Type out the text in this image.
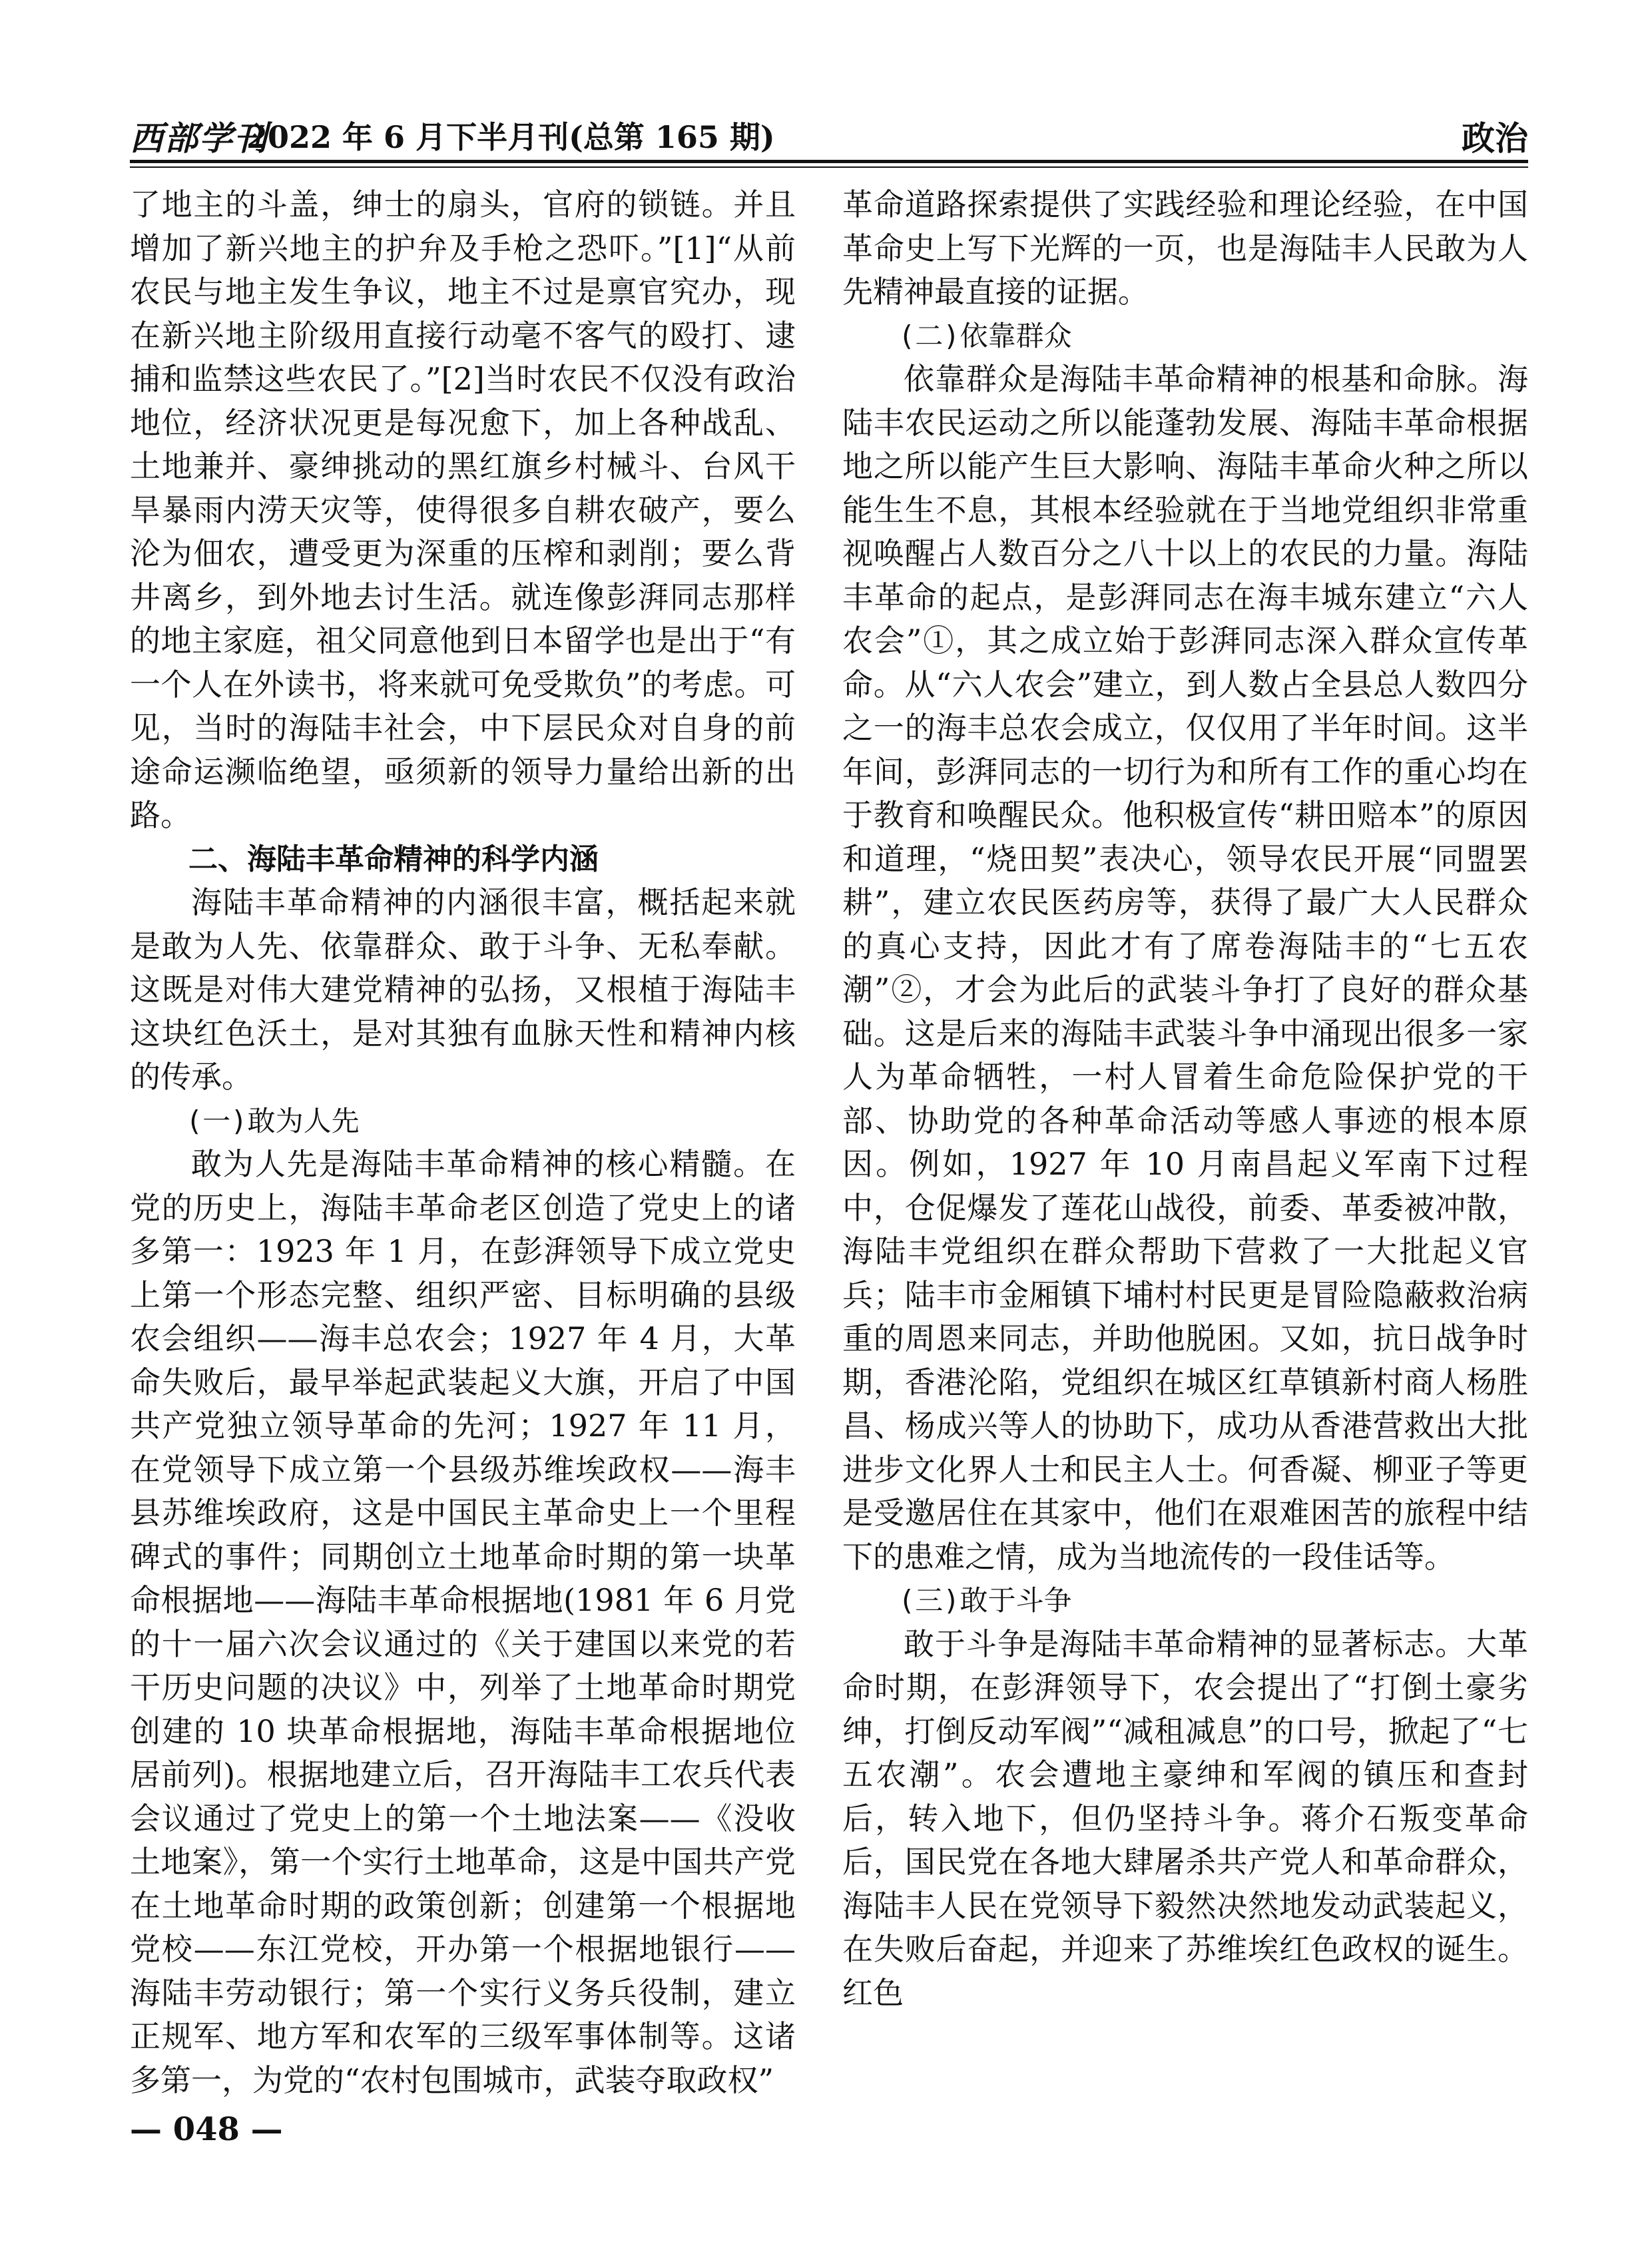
西部学刊
2022 年 6 月下半月刊(总第 165 期)	政治

了地主的斗盖，绅士的扇头，官府的锁链。并且增加了新兴地主的护弁及手枪之恐吓。”[1]“从前农民与地主发生争议，地主不过是禀官究办，现在新兴地主阶级用直接行动毫不客气的殴打、逮捕和监禁这些农民了。”[2]当时农民不仅没有政治地位，经济状况更是每况愈下，加上各种战乱、土地兼并、豪绅挑动的黑红旗乡村械斗、台风干旱暴雨内涝天灾等，使得很多自耕农破产，要么沦为佃农，遭受更为深重的压榨和剥削；要么背井离乡，到外地去讨生活。就连像彭湃同志那样的地主家庭，祖父同意他到日本留学也是出于“有一个人在外读书，将来就可免受欺负”的考虑。可见，当时的海陆丰社会，中下层民众对自身的前途命运濒临绝望，亟须新的领导力量给出新的出路。

二、海陆丰革命精神的科学内涵

海陆丰革命精神的内涵很丰富，概括起来就是敢为人先、依靠群众、敢于斗争、无私奉献。这既是对伟大建党精神的弘扬，又根植于海陆丰这块红色沃土，是对其独有血脉天性和精神内核的传承。

(一)敢为人先

敢为人先是海陆丰革命精神的核心精髓。在党的历史上，海陆丰革命老区创造了党史上的诸多第一：1923 年 1 月，在彭湃领导下成立党史上第一个形态完整、组织严密、目标明确的县级农会组织——海丰总农会；1927 年 4 月，大革命失败后，最早举起武装起义大旗，开启了中国共产党独立领导革命的先河；1927 年 11 月，在党领导下成立第一个县级苏维埃政权——海丰县苏维埃政府，这是中国民主革命史上一个里程碑式的事件；同期创立土地革命时期的第一块革命根据地——海陆丰革命根据地(1981 年 6 月党的十一届六次会议通过的《关于建国以来党的若干历史问题的决议》中，列举了土地革命时期党创建的 10 块革命根据地，海陆丰革命根据地位居前列)。根据地建立后，召开海陆丰工农兵代表会议通过了党史上的第一个土地法案——《没收土地案》，第一个实行土地革命，这是中国共产党在土地革命时期的政策创新；创建第一个根据地党校——东江党校，开办第一个根据地银行——海陆丰劳动银行；第一个实行义务兵役制，建立正规军、地方军和农军的三级军事体制等。这诸多第一，为党的“农村包围城市，武装夺取政权”

革命道路探索提供了实践经验和理论经验，在中国革命史上写下光辉的一页，也是海陆丰人民敢为人先精神最直接的证据。

(二)依靠群众

依靠群众是海陆丰革命精神的根基和命脉。海陆丰农民运动之所以能蓬勃发展、海陆丰革命根据地之所以能产生巨大影响、海陆丰革命火种之所以能生生不息，其根本经验就在于当地党组织非常重视唤醒占人数百分之八十以上的农民的力量。海陆丰革命的起点，是彭湃同志在海丰城东建立“六人农会”①，其之成立始于彭湃同志深入群众宣传革命。从“六人农会”建立，到人数占全县总人数四分之一的海丰总农会成立，仅仅用了半年时间。这半年间，彭湃同志的一切行为和所有工作的重心均在于教育和唤醒民众。他积极宣传“耕田赔本”的原因和道理，“烧田契”表决心，领导农民开展“同盟罢耕”，建立农民医药房等，获得了最广大人民群众的真心支持，因此才有了席卷海陆丰的“七五农潮”②，才会为此后的武装斗争打了良好的群众基础。这是后来的海陆丰武装斗争中涌现出很多一家人为革命牺牲，一村人冒着生命危险保护党的干部、协助党的各种革命活动等感人事迹的根本原因。例如，1927 年 10 月南昌起义军南下过程中，仓促爆发了莲花山战役，前委、革委被冲散，海陆丰党组织在群众帮助下营救了一大批起义官兵；陆丰市金厢镇下埔村村民更是冒险隐蔽救治病重的周恩来同志，并助他脱困。又如，抗日战争时期，香港沦陷，党组织在城区红草镇新村商人杨胜昌、杨成兴等人的协助下，成功从香港营救出大批进步文化界人士和民主人士。何香凝、柳亚子等更是受邀居住在其家中，他们在艰难困苦的旅程中结下的患难之情，成为当地流传的一段佳话等。

(三)敢于斗争

敢于斗争是海陆丰革命精神的显著标志。大革命时期，在彭湃领导下，农会提出了“打倒土豪劣绅，打倒反动军阀”“减租减息”的口号，掀起了“七五农潮”。农会遭地主豪绅和军阀的镇压和查封后，转入地下，但仍坚持斗争。蒋介石叛变革命后，国民党在各地大肆屠杀共产党人和革命群众，海陆丰人民在党领导下毅然决然地发动武装起义，在失败后奋起，并迎来了苏维埃红色政权的诞生。红色

— 048 —
